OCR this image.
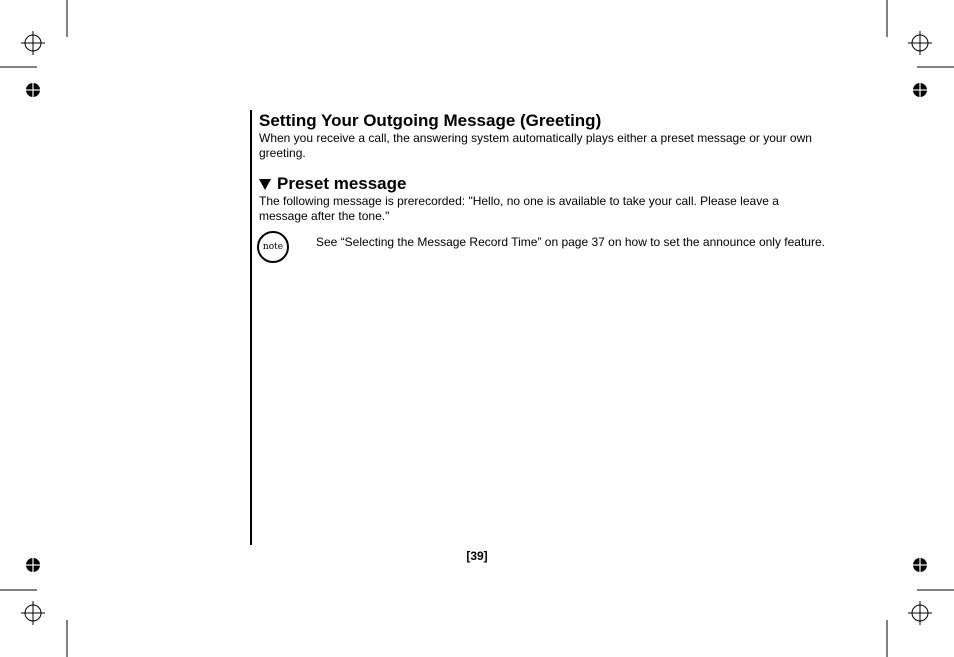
Setting Your Outgoing Message (Greeting)

When you receive a call, the answering system automatically plays either a preset message or your own greeting.

Preset message

The following message is prerecorded: "Hello, no one is available to take your call. Please leave a message after the tone."

note	See “Selecting the Message Record Time” on page 37 on how to set the announce only feature.
[39]
